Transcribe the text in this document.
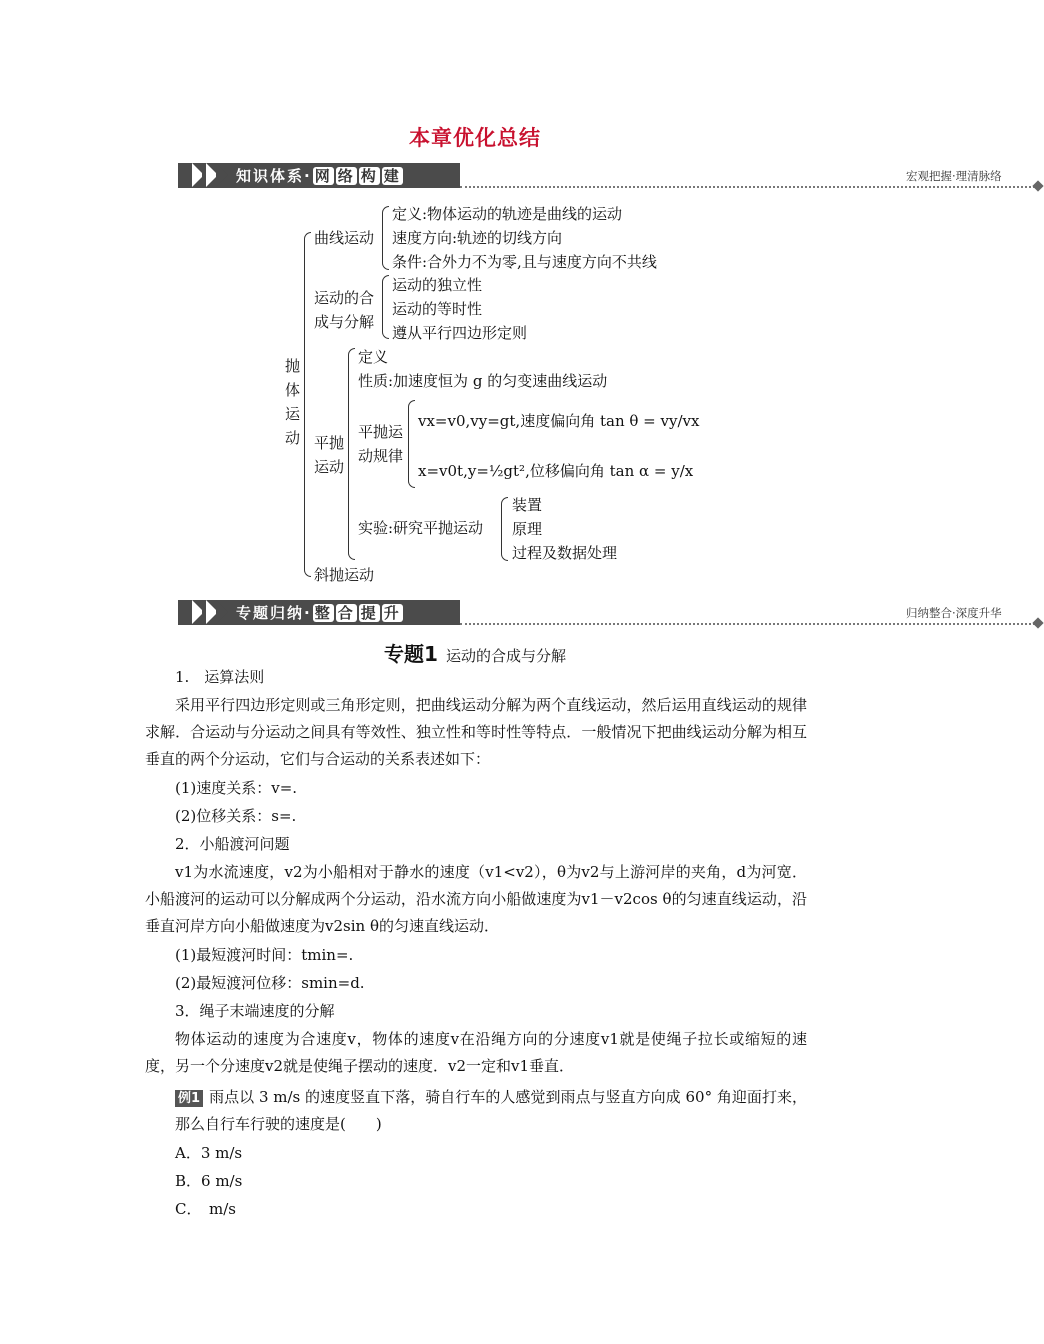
本章优化总结
知识体系· 网 络 构 建	宏观把握·理清脉络
抛体运动
曲线运动
定义:物体运动的轨迹是曲线的运动
速度方向:轨迹的切线方向
条件:合外力不为零,且与速度方向不共线
运动的合
成与分解
运动的独立性
运动的等时性
遵从平行四边形定则
平抛
运动
定义
性质:加速度恒为 g 的匀变速曲线运动
平抛运
动规律
vx=v0,vy=gt,速度偏向角 tan θ = vy/vx
x=v0t,y=½gt²,位移偏向角 tan α = y/x
实验:研究平抛运动
装置
原理
过程及数据处理
斜抛运动
专题归纳· 整 合 提 升	归纳整合·深度升华
专题1 运动的合成与分解
1.　运算法则
采用平行四边形定则或三角形定则，把曲线运动分解为两个直线运动，然后运用直线运动的规律求解．合运动与分运动之间具有等效性、独立性和等时性等特点．一般情况下把曲线运动分解为相互垂直的两个分运动，它们与合运动的关系表述如下：
(1)速度关系：v=.
(2)位移关系：s=.
2．小船渡河问题
v1为水流速度，v2为小船相对于静水的速度（v1<v2），θ为v2与上游河岸的夹角，d为河宽．小船渡河的运动可以分解成两个分运动，沿水流方向小船做速度为v1－v2cos θ的匀速直线运动，沿垂直河岸方向小船做速度为v2sin θ的匀速直线运动．
(1)最短渡河时间：tmin=.
(2)最短渡河位移：smin=d.
3．绳子末端速度的分解
物体运动的速度为合速度v，物体的速度v在沿绳方向的分速度v1就是使绳子拉长或缩短的速度，另一个分速度v2就是使绳子摆动的速度．v2一定和v1垂直．
例1 雨点以 3 m/s 的速度竖直下落，骑自行车的人感觉到雨点与竖直方向成 60° 角迎面打来，那么自行车行驶的速度是(　　)
A．3 m/s
B．6 m/s
C．　m/s
